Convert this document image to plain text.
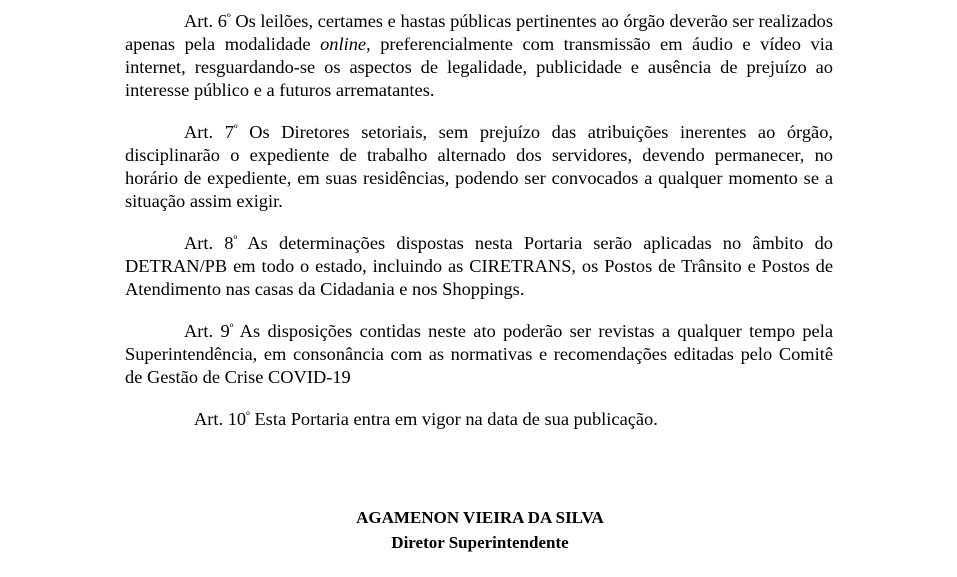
Art. $6^º$ Os leilões, certames e hastas públicas pertinentes ao órgão deverão ser realizados apenas pela modalidade online, preferencialmente com transmissão em áudio e vídeo via internet, resguardando-se os aspectos de legalidade, publicidade e ausência de prejuízo ao interesse público e a futuros arrematantes.

Art. $7^º$ Os Diretores setoriais, sem prejuízo das atribuições inerentes ao órgão, disciplinarão o expediente de trabalho alternado dos servidores, devendo permanecer, no horário de expediente, em suas residências, podendo ser convocados a qualquer momento se a situação assim exigir.

Art. $8^º$ As determinações dispostas nesta Portaria serão aplicadas no âmbito do DETRAN/PB em todo o estado, incluindo as CIRETRANS, os Postos de Trânsito e Postos de Atendimento nas casas da Cidadania e nos Shoppings.

Art. $9^º$ As disposições contidas neste ato poderão ser revistas a qualquer tempo pela Superintendência, em consonância com as normativas e recomendações editadas pelo Comitê de Gestão de Crise COVID-19

Art. $10^º$ Esta Portaria entra em vigor na data de sua publicação.

AGAMENON VIEIRA DA SILVA

Diretor Superintendente
